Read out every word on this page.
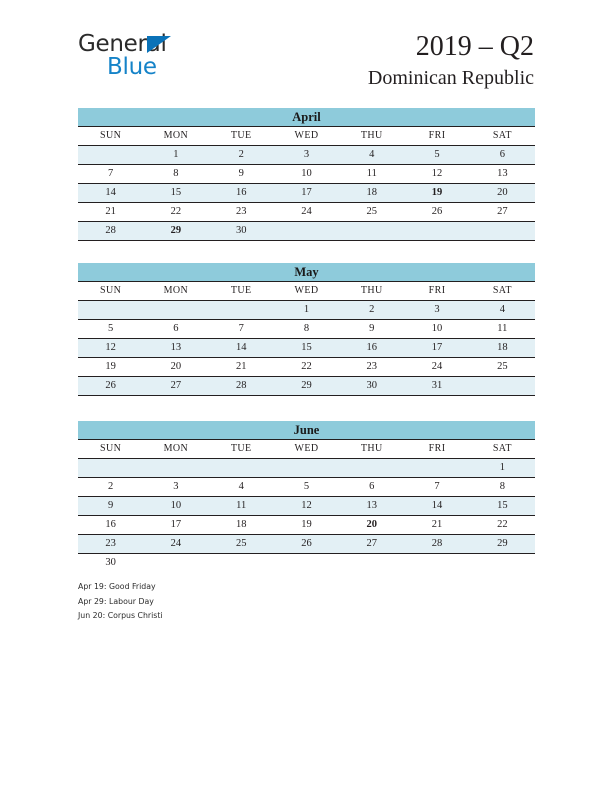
General
Blue
2019 – Q2
Dominican Republic
April
SUN	MON	TUE	WED	THU	FRI	SAT
	1	2	3	4	5	6
7	8	9	10	11	12	13
14	15	16	17	18	19	20
21	22	23	24	25	26	27
28	29	30				
May
SUN	MON	TUE	WED	THU	FRI	SAT
			1	2	3	4
5	6	7	8	9	10	11
12	13	14	15	16	17	18
19	20	21	22	23	24	25
26	27	28	29	30	31	
June
SUN	MON	TUE	WED	THU	FRI	SAT
						1
2	3	4	5	6	7	8
9	10	11	12	13	14	15
16	17	18	19	20	21	22
23	24	25	26	27	28	29
30						
Apr 19: Good Friday
Apr 29: Labour Day
Jun 20: Corpus Christi
